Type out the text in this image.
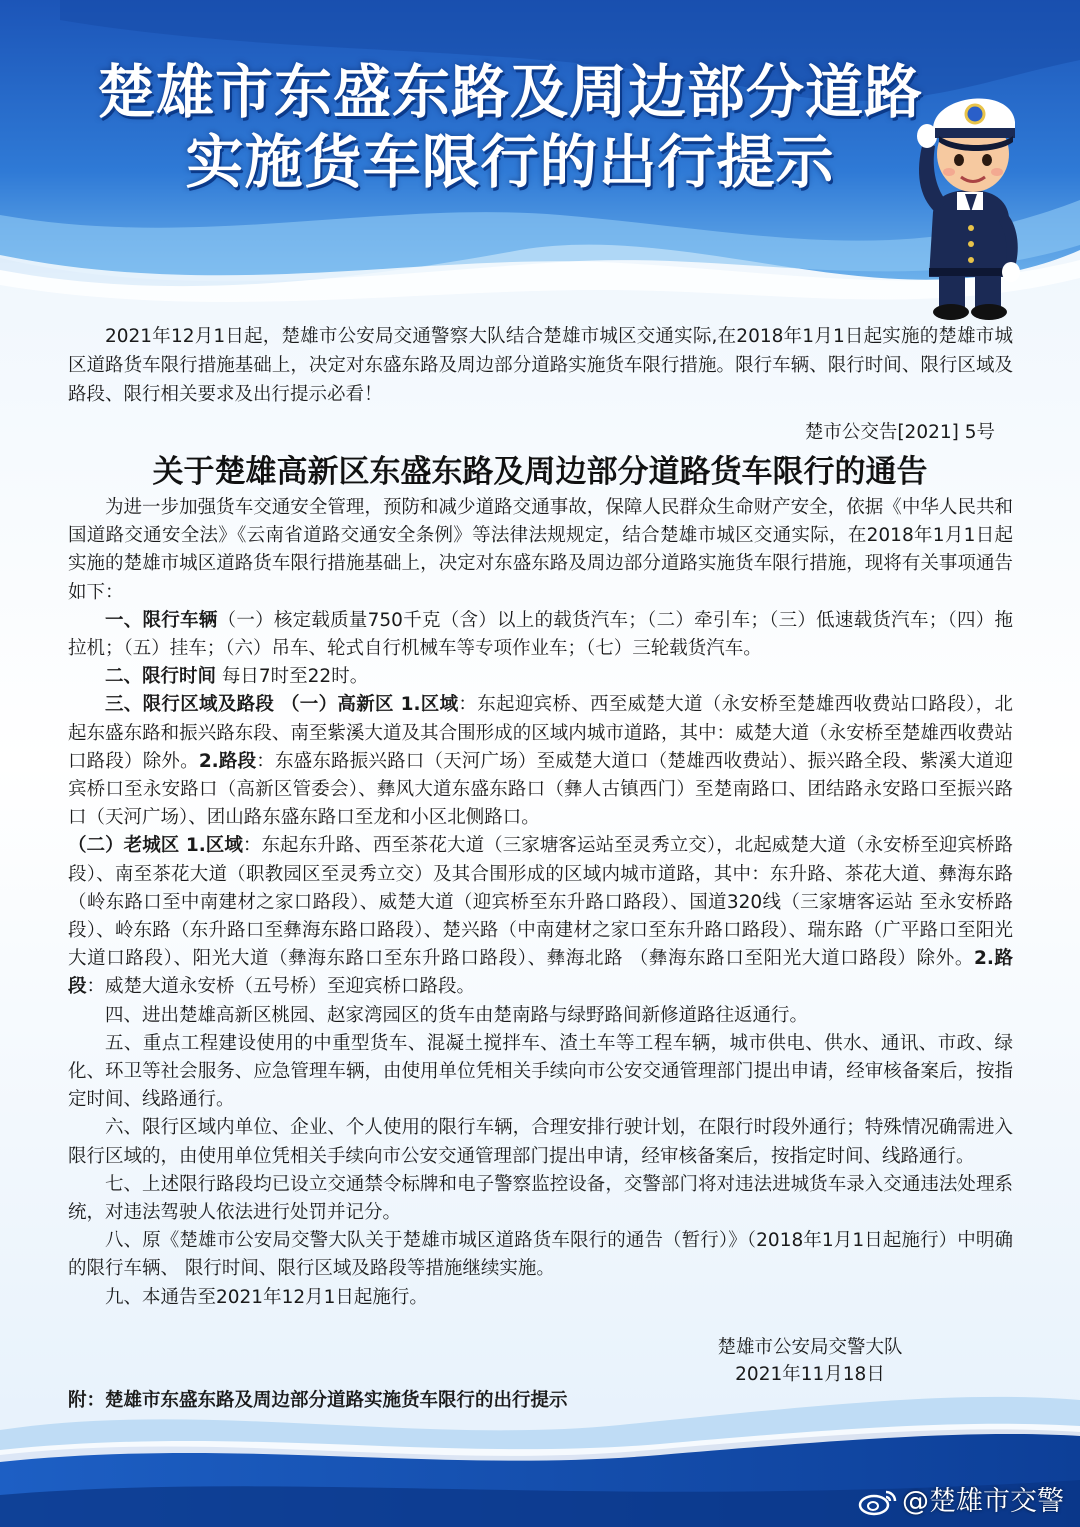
楚雄市东盛东路及周边部分道路
实施货车限行的出行提示
2021年12月1日起，楚雄市公安局交通警察大队结合楚雄市城区交通实际,在2018年1月1日起实施的楚雄市城区道路货车限行措施基础上，决定对东盛东路及周边部分道路实施货车限行措施。限行车辆、限行时间、限行区域及路段、限行相关要求及出行提示必看！
楚市公交告[2021] 5号
关于楚雄高新区东盛东路及周边部分道路货车限行的通告

为进一步加强货车交通安全管理，预防和减少道路交通事故，保障人民群众生命财产安全，依据《中华人民共和国道路交通安全法》《云南省道路交通安全条例》等法律法规规定，结合楚雄市城区交通实际，在2018年1月1日起实施的楚雄市城区道路货车限行措施基础上，决定对东盛东路及周边部分道路实施货车限行措施，现将有关事项通告如下：

一、限行车辆（一）核定载质量750千克（含）以上的载货汽车；（二）牵引车；（三）低速载货汽车；（四）拖拉机；（五）挂车；（六）吊车、轮式自行机械车等专项作业车；（七）三轮载货汽车。

二、限行时间 每日7时至22时。

三、限行区域及路段 （一）高新区 1.区域：东起迎宾桥、西至威楚大道（永安桥至楚雄西收费站口路段），北起东盛东路和振兴路东段、南至紫溪大道及其合围形成的区域内城市道路，其中：威楚大道（永安桥至楚雄西收费站口路段）除外。2.路段：东盛东路振兴路口（天河广场）至威楚大道口（楚雄西收费站）、振兴路全段、紫溪大道迎宾桥口至永安路口（高新区管委会）、彝风大道东盛东路口（彝人古镇西门）至楚南路口、团结路永安路口至振兴路口（天河广场）、团山路东盛东路口至龙和小区北侧路口。

（二）老城区 1.区域：东起东升路、西至茶花大道（三家塘客运站至灵秀立交），北起威楚大道（永安桥至迎宾桥路段）、南至茶花大道（职教园区至灵秀立交）及其合围形成的区域内城市道路，其中：东升路、茶花大道、彝海东路（岭东路口至中南建材之家口路段）、威楚大道（迎宾桥至东升路口路段）、国道320线（三家塘客运站 至永安桥路段）、岭东路（东升路口至彝海东路口路段）、楚兴路（中南建材之家口至东升路口路段）、瑞东路（广平路口至阳光大道口路段）、阳光大道（彝海东路口至东升路口路段）、彝海北路 （彝海东路口至阳光大道口路段）除外。2.路段：威楚大道永安桥（五号桥）至迎宾桥口路段。

四、进出楚雄高新区桃园、赵家湾园区的货车由楚南路与绿野路间新修道路往返通行。

五、重点工程建设使用的中重型货车、混凝土搅拌车、渣土车等工程车辆，城市供电、供水、通讯、市政、绿化、环卫等社会服务、应急管理车辆，由使用单位凭相关手续向市公安交通管理部门提出申请，经审核备案后，按指定时间、线路通行。

六、限行区域内单位、企业、个人使用的限行车辆，合理安排行驶计划，在限行时段外通行；特殊情况确需进入限行区域的，由使用单位凭相关手续向市公安交通管理部门提出申请，经审核备案后，按指定时间、线路通行。

七、上述限行路段均已设立交通禁令标牌和电子警察监控设备，交警部门将对违法进城货车录入交通违法处理系统，对违法驾驶人依法进行处罚并记分。

八、原《楚雄市公安局交警大队关于楚雄市城区道路货车限行的通告（暂行）》（2018年1月1日起施行）中明确的限行车辆、 限行时间、限行区域及路段等措施继续实施。

九、本通告至2021年12月1日起施行。

楚雄市公安局交警大队
2021年11月18日
附：楚雄市东盛东路及周边部分道路实施货车限行的出行提示
@楚雄市交警
